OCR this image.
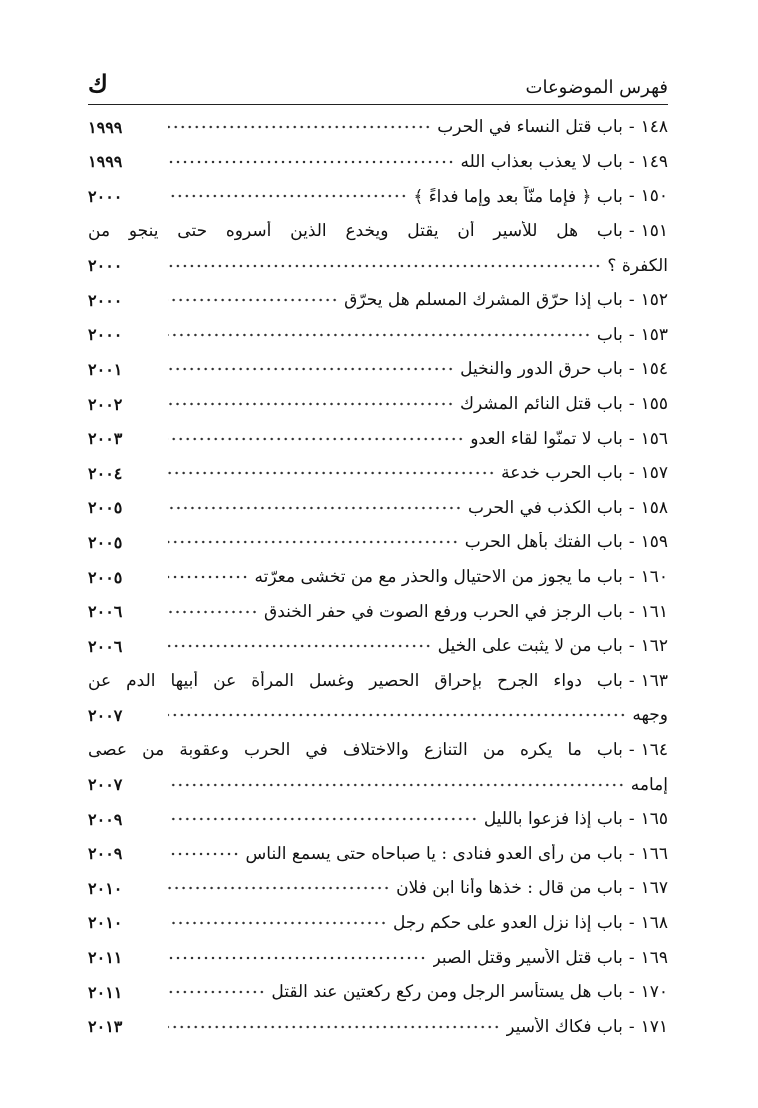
فهرس الموضوعات
ك
١٤٨
-
باب قتل النساء في الحرب
١٩٩٩
١٤٩
-
باب لا يعذب بعذاب الله
١٩٩٩
١٥٠
-
باب ﴿ فإما منّاً بعد وإما فداءً ﴾
٢٠٠٠
١٥١
-
باب هل للأسير أن يقتل ويخدع الذين أسروه حتى ينجو من
الكفرة ؟
٢٠٠٠
١٥٢
-
باب إذا حرّق المشرك المسلم هل يحرّق
٢٠٠٠
١٥٣
-
باب
٢٠٠٠
١٥٤
-
باب حرق الدور والنخيل
٢٠٠١
١٥٥
-
باب قتل النائم المشرك
٢٠٠٢
١٥٦
-
باب لا تمنّوا لقاء العدو
٢٠٠٣
١٥٧
-
باب الحرب خدعة
٢٠٠٤
١٥٨
-
باب الكذب في الحرب
٢٠٠٥
١٥٩
-
باب الفتك بأهل الحرب
٢٠٠٥
١٦٠
-
باب ما يجوز من الاحتيال والحذر مع من تخشى معرّته
٢٠٠٥
١٦١
-
باب الرجز في الحرب ورفع الصوت في حفر الخندق
٢٠٠٦
١٦٢
-
باب من لا يثبت على الخيل
٢٠٠٦
١٦٣
-
باب دواء الجرح بإحراق الحصير وغسل المرأة عن أبيها الدم عن
وجهه
٢٠٠٧
١٦٤
-
باب ما يكره من التنازع والاختلاف في الحرب وعقوبة من عصى
إمامه
٢٠٠٧
١٦٥
-
باب إذا فزعوا بالليل
٢٠٠٩
١٦٦
-
باب من رأى العدو فنادى : يا صباحاه حتى يسمع الناس
٢٠٠٩
١٦٧
-
باب من قال : خذها وأنا ابن فلان
٢٠١٠
١٦٨
-
باب إذا نزل العدو على حكم رجل
٢٠١٠
١٦٩
-
باب قتل الأسير وقتل الصبر
٢٠١١
١٧٠
-
باب هل يستأسر الرجل ومن ركع ركعتين عند القتل
٢٠١١
١٧١
-
باب فكاك الأسير
٢٠١٣
